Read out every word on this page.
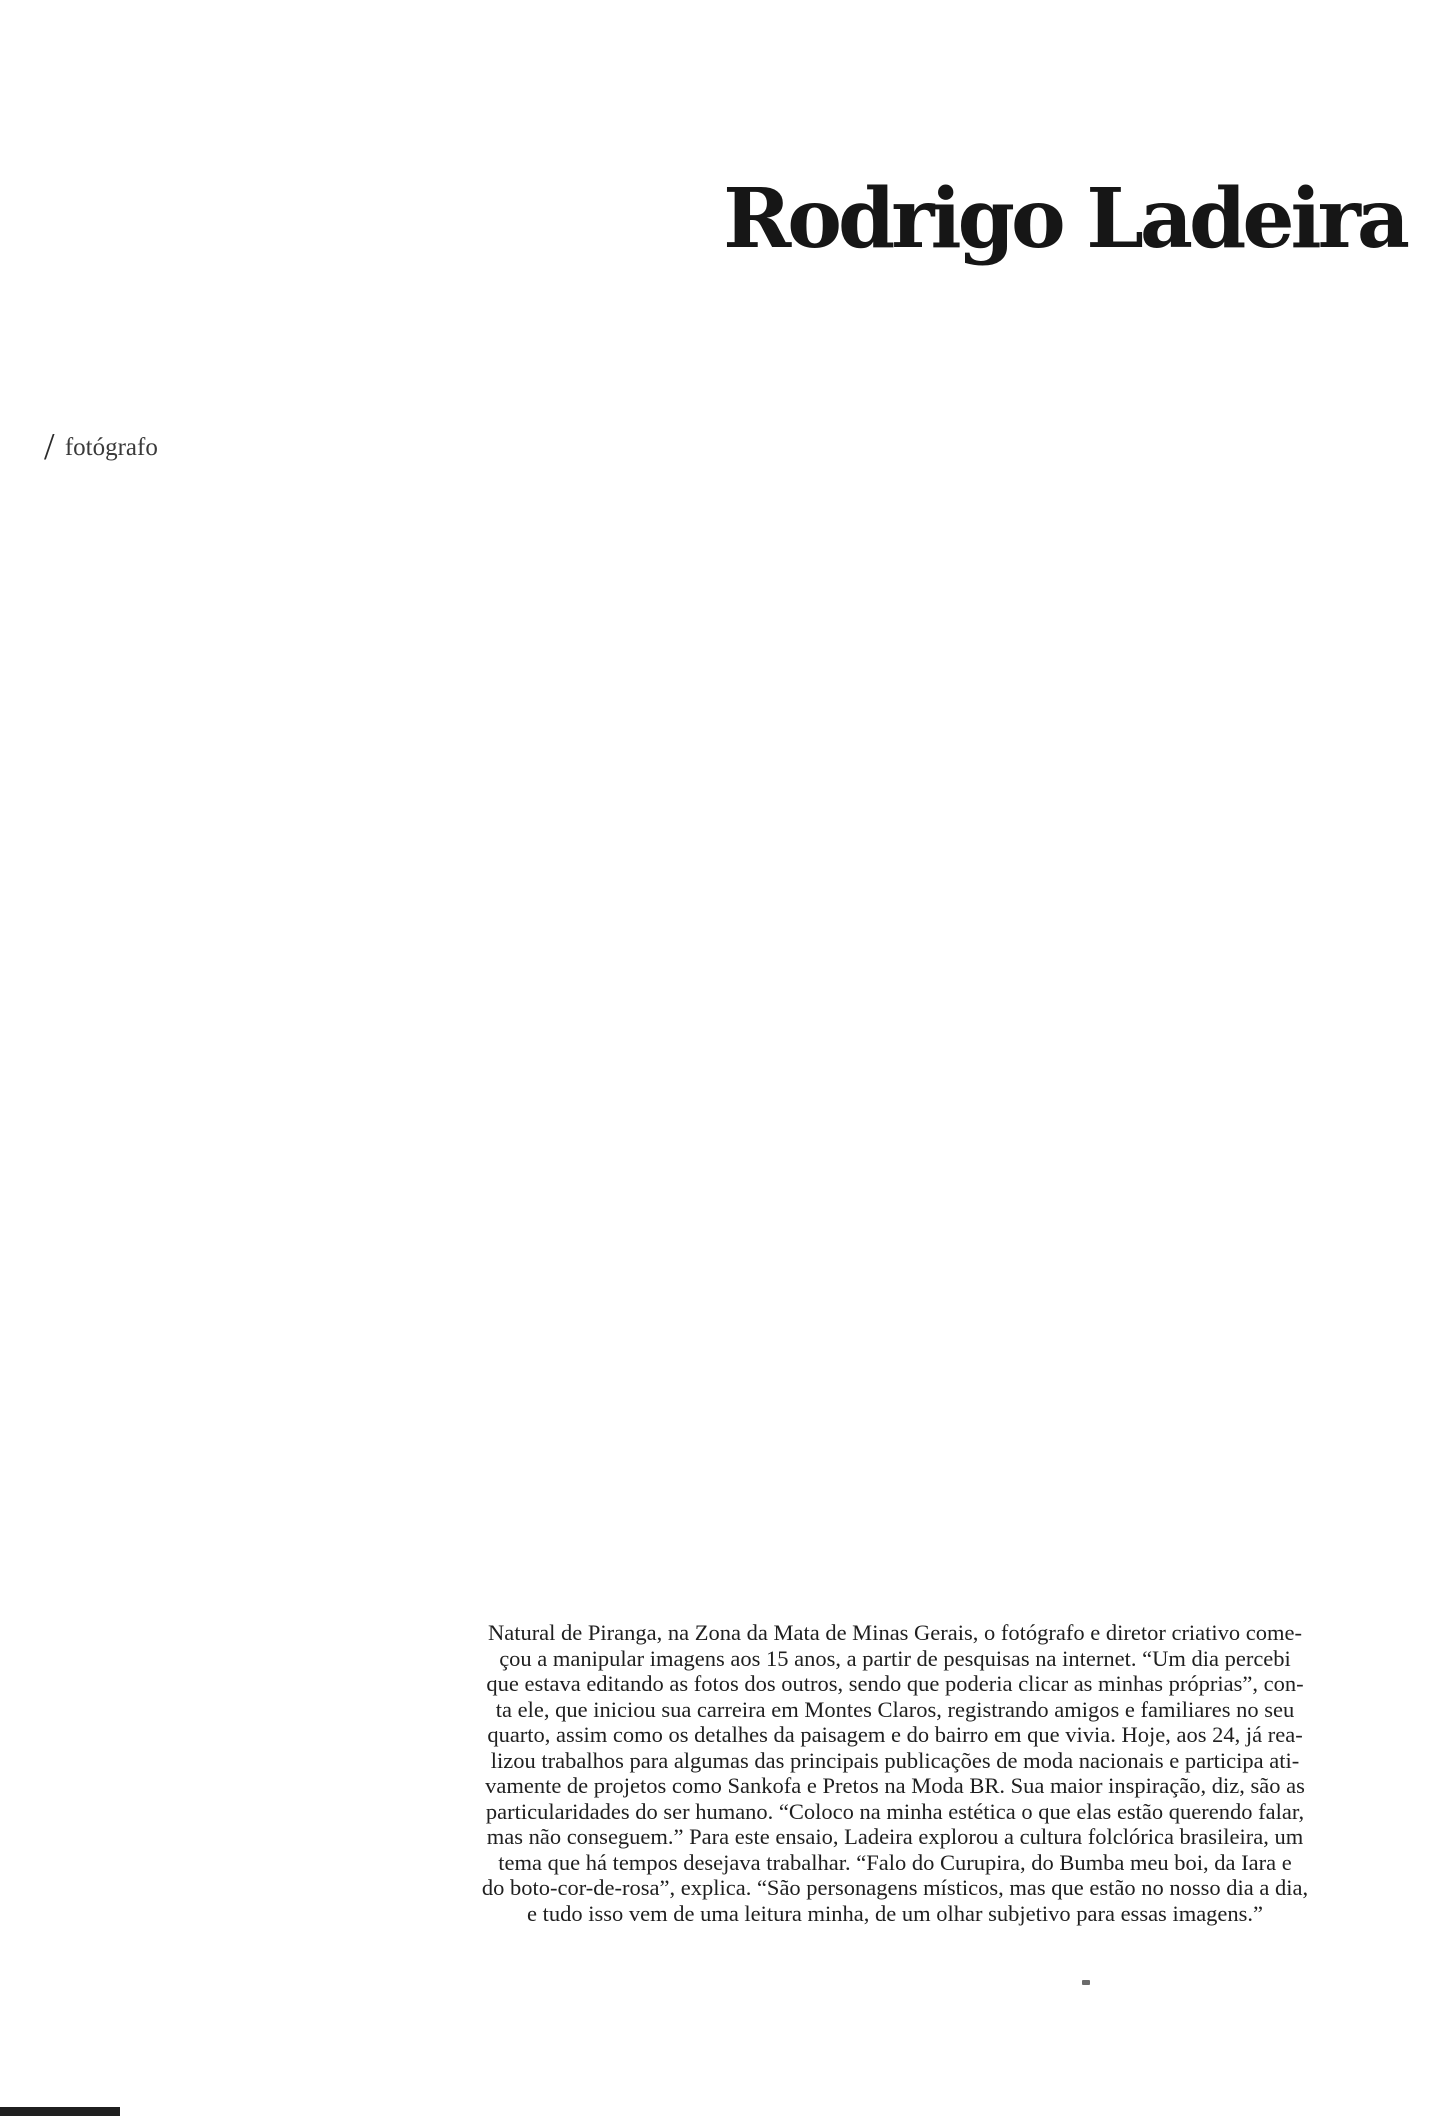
Rodrigo Ladeira
/ fotógrafo

Natural de Piranga, na Zona da Mata de Minas Gerais, o fotógrafo e diretor criativo come-
çou a manipular imagens aos 15 anos, a partir de pesquisas na internet. “Um dia percebi
que estava editando as fotos dos outros, sendo que poderia clicar as minhas próprias”, con-
ta ele, que iniciou sua carreira em Montes Claros, registrando amigos e familiares no seu
quarto, assim como os detalhes da paisagem e do bairro em que vivia. Hoje, aos 24, já rea-
lizou trabalhos para algumas das principais publicações de moda nacionais e participa ati-
vamente de projetos como Sankofa e Pretos na Moda BR. Sua maior inspiração, diz, são as
particularidades do ser humano. “Coloco na minha estética o que elas estão querendo falar,
mas não conseguem.” Para este ensaio, Ladeira explorou a cultura folclórica brasileira, um
tema que há tempos desejava trabalhar. “Falo do Curupira, do Bumba meu boi, da Iara e
do boto-cor-de-rosa”, explica. “São personagens místicos, mas que estão no nosso dia a dia,
e tudo isso vem de uma leitura minha, de um olhar subjetivo para essas imagens.”
